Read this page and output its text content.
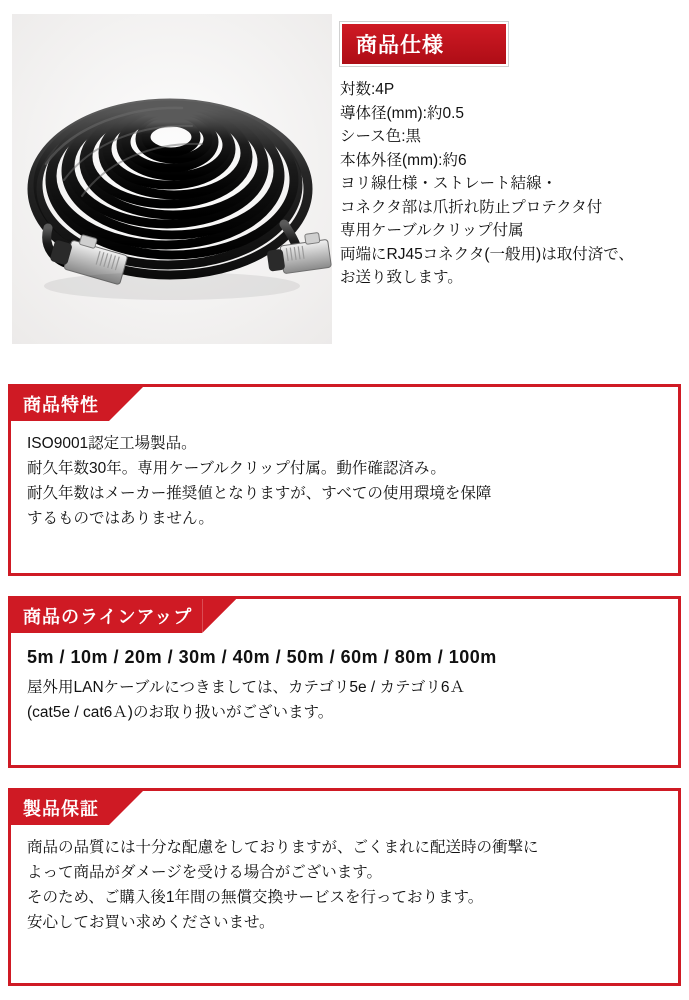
商品仕様
対数:4P
導体径(mm):約0.5
シース色:黒
本体外径(mm):約6
ヨリ線仕様・ストレート結線・
コネクタ部は爪折れ防止プロテクタ付
専用ケーブルクリップ付属
両端にRJ45コネクタ(一般用)は取付済で、
お送り致します。
商品特性

ISO9001認定工場製品。

耐久年数30年。専用ケーブルクリップ付属。動作確認済み。

耐久年数はメーカー推奨値となりますが、すべての使用環境を保障

するものではありません。

商品のラインアップ
5m / 10m / 20m / 30m / 40m / 50m / 60m / 80m / 100m
屋外用LANケーブルにつきましては、カテゴリ5e / カテゴリ6Ａ
(cat5e / cat6Ａ)のお取り扱いがございます。
製品保証

商品の品質には十分な配慮をしておりますが、ごくまれに配送時の衝撃に

よって商品がダメージを受ける場合がございます。

そのため、ご購入後1年間の無償交換サービスを行っております。

安心してお買い求めくださいませ。
